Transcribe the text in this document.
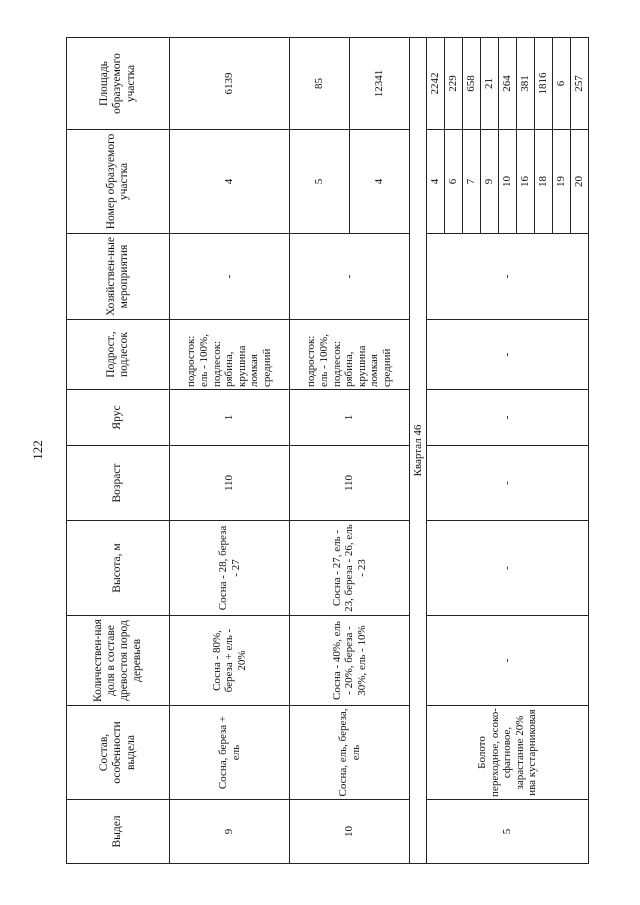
122
Выдел	Состав, особенности выдела	Количествен-ная доля в составе древостоя пород деревьев	Высота, м	Возраст	Ярус	Подрост., подлесок	Хозяйствен-ные мероприятия	Номер образуемого участка	Площадь образуемого участка
9	Сосна, береза + ель	Сосна - 80%, береза + ель - 20%	Сосна - 28, береза - 27	110	1	подросток: ель - 100%, подлесок: рябина, крушина ломкая средний	-	4	6139
10	Сосна, ель, береза, ель	Сосна - 40%, ель - 20%, береза - 30%, ель - 10%	Сосна - 27, ель - 23, береза - 26, ель - 23	110	1	подросток: ель - 100%, подлесок: рябина, крушина ломкая средний	-	5	85
								4	12341
Квартал 46									
5	Болото переходное, осоко-сфагновое, зарастание 20% ива кустарниковая	-	-	-	-	-	-	4	2242
								6	229
								7	658
								9	21
								10	264
								16	381
								18	1816
								19	6
								20	257
